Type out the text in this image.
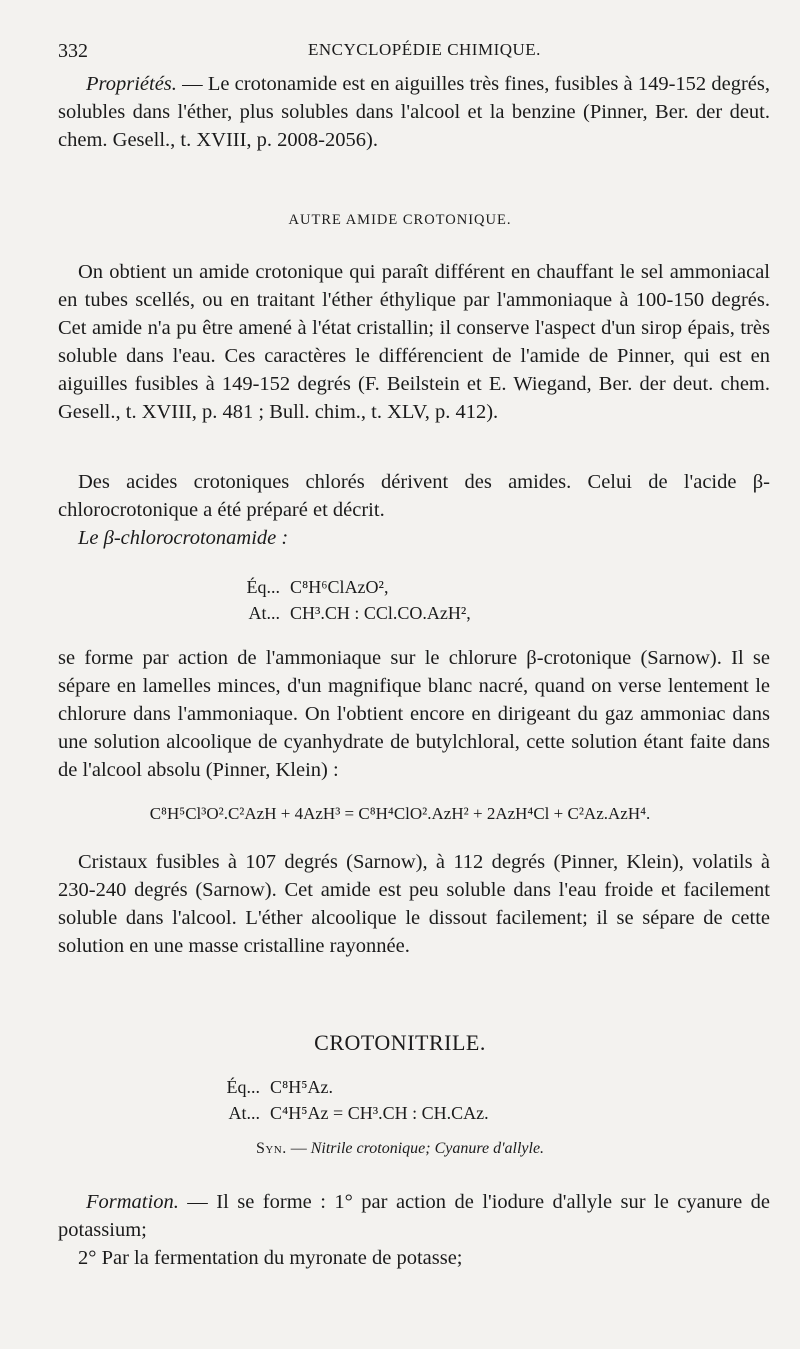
332	ENCYCLOPÉDIE CHIMIQUE.

Propriétés. — Le crotonamide est en aiguilles très fines, fusibles à 149-152 degrés, solubles dans l'éther, plus solubles dans l'alcool et la benzine (Pinner, Ber. der deut. chem. Gesell., t. XVIII, p. 2008-2056).

AUTRE AMIDE CROTONIQUE.

On obtient un amide crotonique qui paraît différent en chauffant le sel ammoniacal en tubes scellés, ou en traitant l'éther éthylique par l'ammoniaque à 100-150 degrés. Cet amide n'a pu être amené à l'état cristallin; il conserve l'aspect d'un sirop épais, très soluble dans l'eau. Ces caractères le différencient de l'amide de Pinner, qui est en aiguilles fusibles à 149-152 degrés (F. Beilstein et E. Wiegand, Ber. der deut. chem. Gesell., t. XVIII, p. 481 ; Bull. chim., t. XLV, p. 412).

Des acides crotoniques chlorés dérivent des amides. Celui de l'acide β-chlorocrotonique a été préparé et décrit.

Le β-chlorocrotonamide :

Éq... C⁸H⁶ClAzO²,
At... CH³.CH : CCl.CO.AzH²,

se forme par action de l'ammoniaque sur le chlorure β-crotonique (Sarnow). Il se sépare en lamelles minces, d'un magnifique blanc nacré, quand on verse lentement le chlorure dans l'ammoniaque. On l'obtient encore en dirigeant du gaz ammoniac dans une solution alcoolique de cyanhydrate de butylchloral, cette solution étant faite dans de l'alcool absolu (Pinner, Klein) :

C⁸H⁵Cl³O².C²AzH + 4AzH³ = C⁸H⁴ClO².AzH² + 2AzH⁴Cl + C²Az.AzH⁴.

Cristaux fusibles à 107 degrés (Sarnow), à 112 degrés (Pinner, Klein), volatils à 230-240 degrés (Sarnow). Cet amide est peu soluble dans l'eau froide et facilement soluble dans l'alcool. L'éther alcoolique le dissout facilement; il se sépare de cette solution en une masse cristalline rayonnée.

CROTONITRILE.
Éq... C⁸H⁵Az.
At... C⁴H⁵Az = CH³.CH : CH.CAz.
Syn. — Nitrile crotonique; Cyanure d'allyle.

Formation. — Il se forme : 1° par action de l'iodure d'allyle sur le cyanure de potassium;

2° Par la fermentation du myronate de potasse;
